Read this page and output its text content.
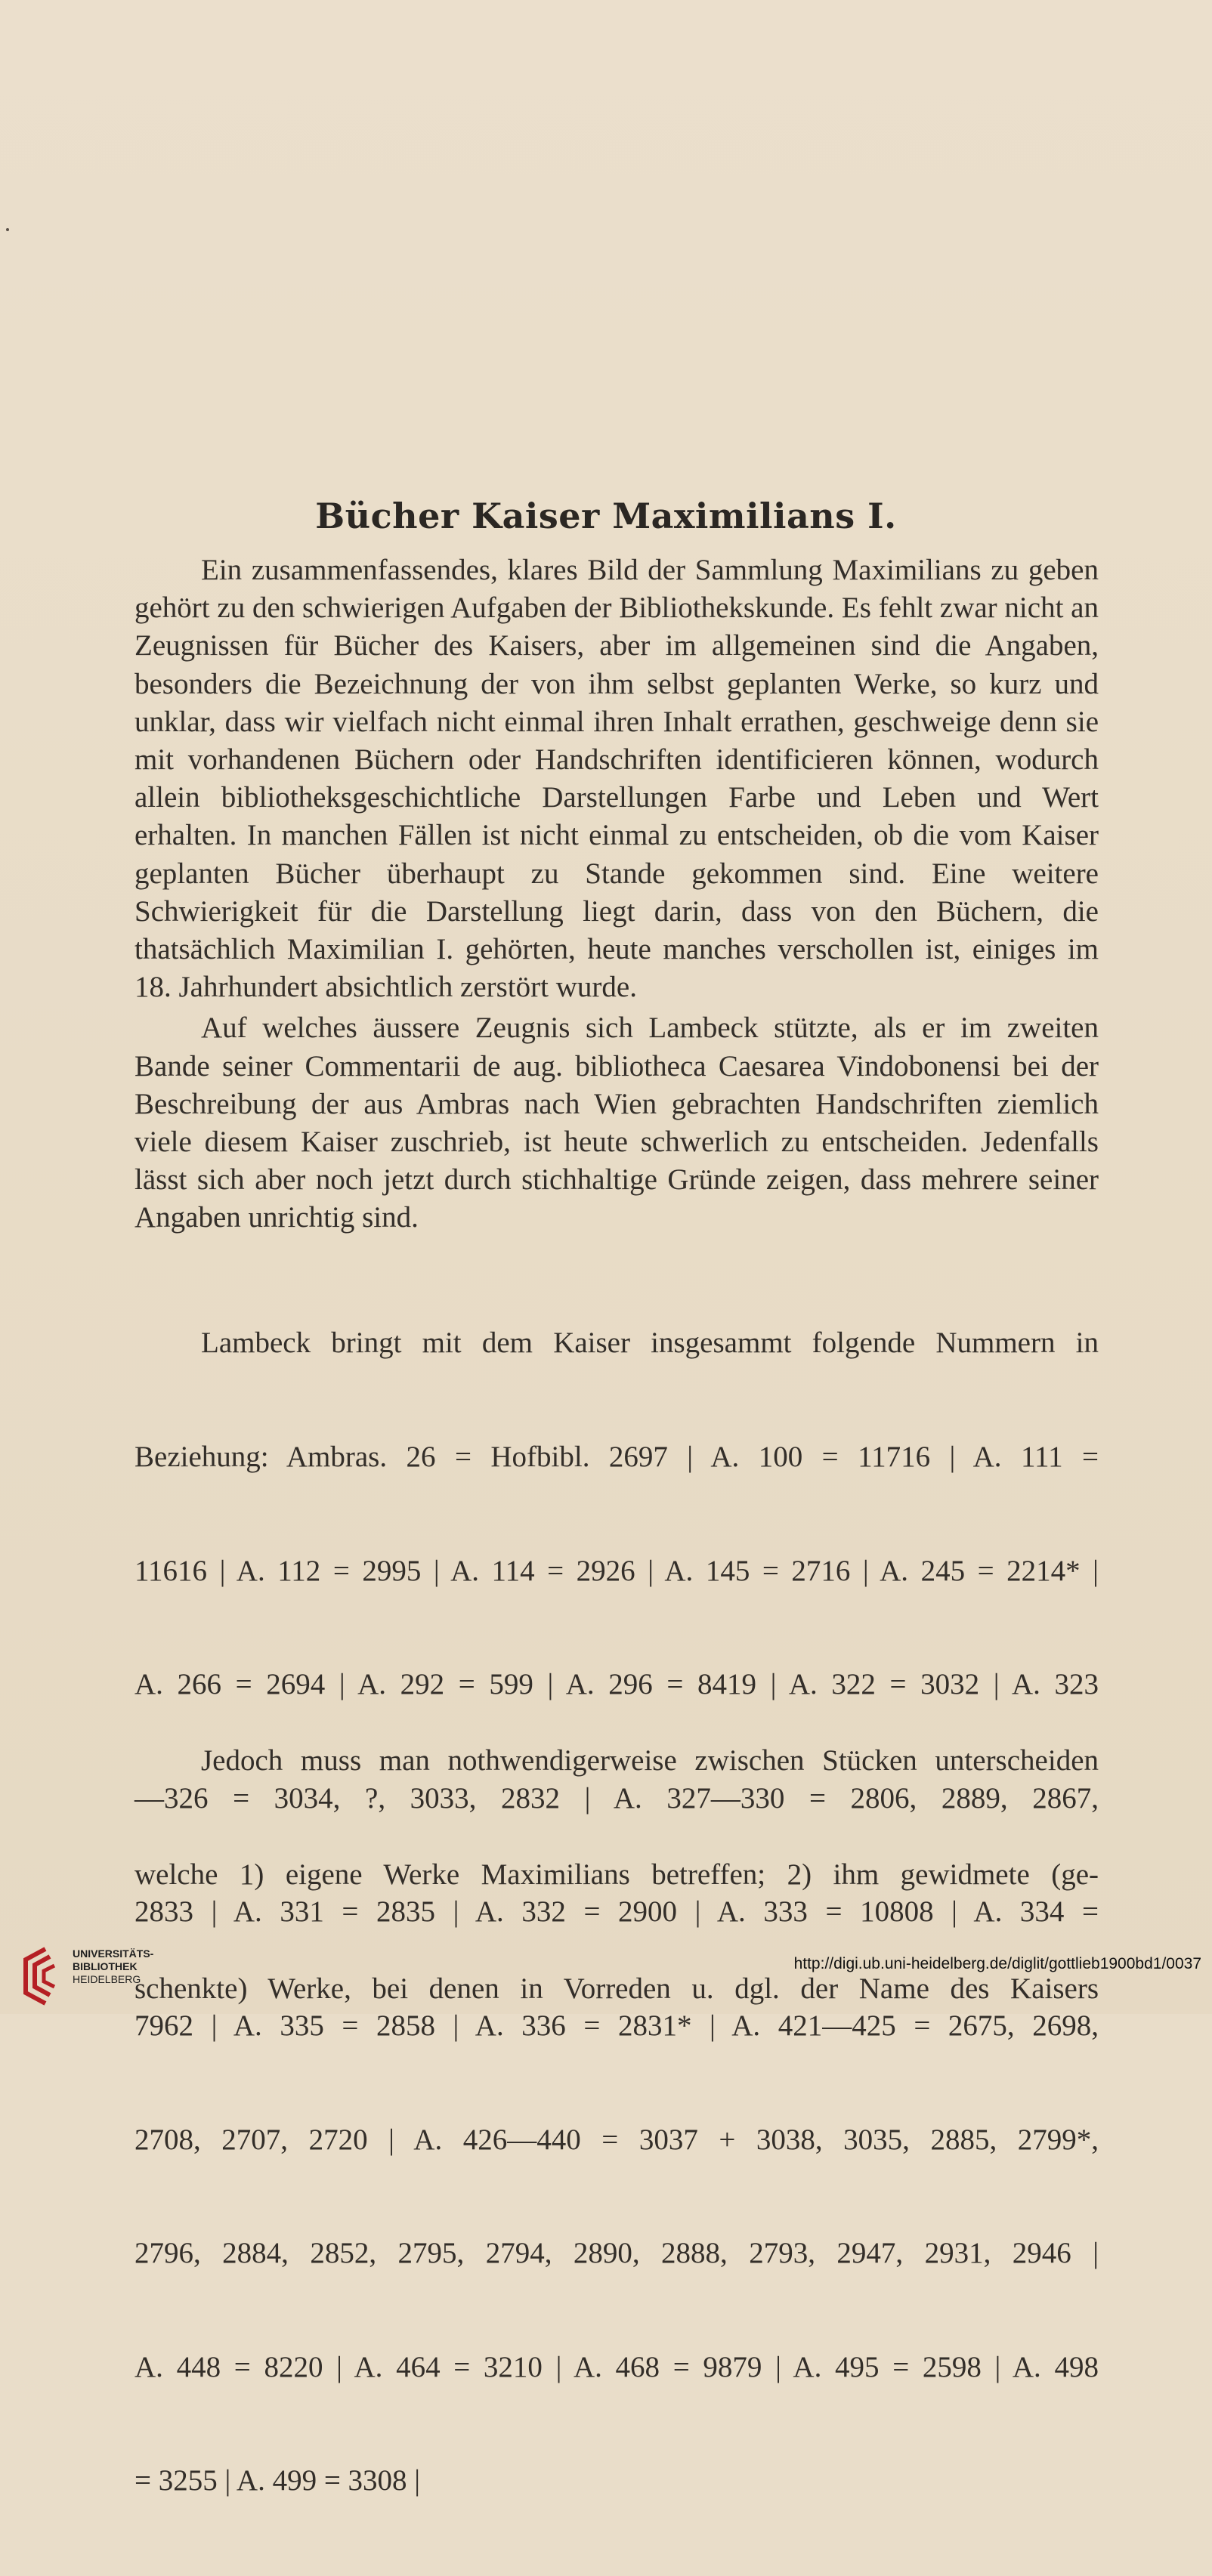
Bücher Kaiser Maximilians I.

Ein zusammenfassendes, klares Bild der Sammlung Maximilians zu geben gehört zu den schwierigen Aufgaben der Bibliothekskunde. Es fehlt zwar nicht an Zeugnissen für Bücher des Kaisers, aber im allgemeinen sind die Angaben, besonders die Bezeichnung der von ihm selbst geplanten Werke, so kurz und unklar, dass wir vielfach nicht einmal ihren Inhalt errathen, geschweige denn sie mit vorhandenen Büchern oder Handschriften identificieren können, wodurch allein bibliotheksgeschichtliche Darstellungen Farbe und Leben und Wert erhalten. In manchen Fällen ist nicht einmal zu entscheiden, ob die vom Kaiser geplanten Bücher überhaupt zu Stande gekommen sind. Eine weitere Schwierigkeit für die Darstellung liegt darin, dass von den Büchern, die thatsächlich Maximilian I. gehörten, heute manches verschollen ist, einiges im 18. Jahrhundert absichtlich zerstört wurde.

Auf welches äussere Zeugnis sich Lambeck stützte, als er im zweiten Bande seiner Commentarii de aug. bibliotheca Caesarea Vindobonensi bei der Beschreibung der aus Ambras nach Wien gebrachten Handschriften ziemlich viele diesem Kaiser zuschrieb, ist heute schwerlich zu entscheiden. Jedenfalls lässt sich aber noch jetzt durch stichhaltige Gründe zeigen, dass mehrere seiner Angaben unrichtig sind.

Lambeck bringt mit dem Kaiser insgesammt folgende Nummern in

Beziehung: Ambras. 26 = Hofbibl. 2697 | A. 100 = 11716 | A. 111 =

11616 | A. 112 = 2995 | A. 114 = 2926 | A. 145 = 2716 | A. 245 = 2214* |

A. 266 = 2694 | A. 292 = 599 | A. 296 = 8419 | A. 322 = 3032 | A. 323

—326 = 3034, ?, 3033, 2832 | A. 327—330 = 2806, 2889, 2867,

2833 | A. 331 = 2835 | A. 332 = 2900 | A. 333 = 10808 | A. 334 =

7962 | A. 335 = 2858 | A. 336 = 2831* | A. 421—425 = 2675, 2698,

2708, 2707, 2720 | A. 426—440 = 3037 + 3038, 3035, 2885, 2799*,

2796, 2884, 2852, 2795, 2794, 2890, 2888, 2793, 2947, 2931, 2946 |

A. 448 = 8220 | A. 464 = 3210 | A. 468 = 9879 | A. 495 = 2598 | A. 498

= 3255 | A. 499 = 3308 |

Jedoch muss man nothwendigerweise zwischen Stücken unterscheiden

welche 1) eigene Werke Maximilians betreffen; 2) ihm gewidmete (ge-

schenkte) Werke, bei denen in Vorreden u. dgl. der Name des Kaisers

UNIVERSITÄTS-
BIBLIOTHEK
HEIDELBERG
http://digi.ub.uni-heidelberg.de/diglit/gottlieb1900bd1/0037
